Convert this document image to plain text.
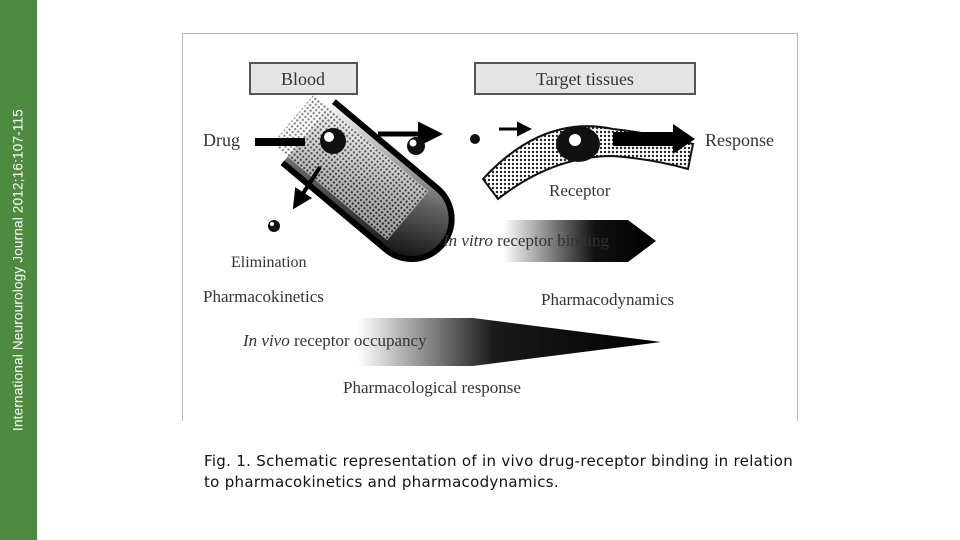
International Neurourology Journal 2012;16:107-115
Blood	Target tissues
Drug
Elimination
Response
Receptor
In vitro receptor binding
Pharmacokinetics	Pharmacodynamics
In vivo receptor occupancy
Pharmacological response
Fig. 1. Schematic representation of in vivo drug-receptor binding in relation to pharmacokinetics and pharmacodynamics.
